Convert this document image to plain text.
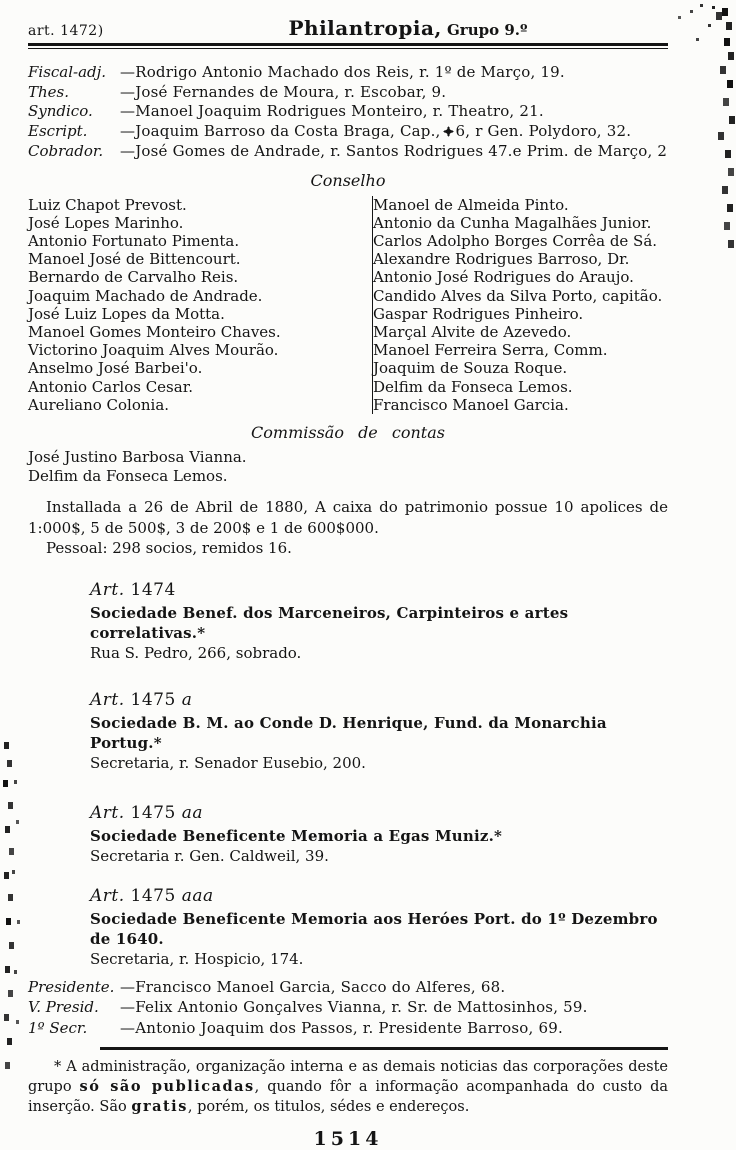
art. 1472)	Philantropia, Grupo 9.º
Fiscal-adj. —Rodrigo Antonio Machado dos Reis, r. 1º de Março, 19.
Thes.	—José Fernandes de Moura, r. Escobar, 9.
Syndico.	—Manoel Joaquim Rodrigues Monteiro, r. Theatro, 21.
Escript.	—Joaquim Barroso da Costa Braga, Cap., 6, r Gen. Polydoro, 32.
Cobrador.	—José Gomes de Andrade, r. Santos Rodrigues 47.e Prim. de Março, 2
Conselho
Luiz Chapot Prevost.
José Lopes Marinho.
Antonio Fortunato Pimenta.
Manoel José de Bittencourt.
Bernardo de Carvalho Reis.
Joaquim Machado de Andrade.
José Luiz Lopes da Motta.
Manoel Gomes Monteiro Chaves.
Victorino Joaquim Alves Mourão.
Anselmo José Barbei'o.
Antonio Carlos Cesar.
Aureliano Colonia.
Manoel de Almeida Pinto.
Antonio da Cunha Magalhães Junior.
Carlos Adolpho Borges Corrêa de Sá.
Alexandre Rodrigues Barroso, Dr.
Antonio José Rodrigues do Araujo.
Candido Alves da Silva Porto, capitão.
Gaspar Rodrigues Pinheiro.
Marçal Alvite de Azevedo.
Manoel Ferreira Serra, Comm.
Joaquim de Souza Roque.
Delfim da Fonseca Lemos.
Francisco Manoel Garcia.
Commissão de contas
José Justino Barbosa Vianna.
Delfim da Fonseca Lemos.
Installada a 26 de Abril de 1880, A caixa do patrimonio possue 10 apolices de 1:000$, 5 de 500$, 3 de 200$ e 1 de 600$000.
Pessoal: 298 socios, remidos 16.
Art. 1474
Sociedade Benef. dos Marceneiros, Carpinteiros e artes correlativas.*
Rua S. Pedro, 266, sobrado.
Art. 1475 a
Sociedade B. M. ao Conde D. Henrique, Fund. da Monarchia Portug.*
Secretaria, r. Senador Eusebio, 200.
Art. 1475 aa
Sociedade Beneficente Memoria a Egas Muniz.*
Secretaria r. Gen. Caldweil, 39.
Art. 1475 aaa
Sociedade Beneficente Memoria aos Heróes Port. do 1º Dezembro de 1640.
Secretaria, r. Hospicio, 174.
Presidente. —Francisco Manoel Garcia, Sacco do Alferes, 68.
V. Presid.	—Felix Antonio Gonçalves Vianna, r. Sr. de Mattosinhos, 59.
1º Secr.	—Antonio Joaquim dos Passos, r. Presidente Barroso, 69.
* A administração, organização interna e as demais noticias das corporações deste grupo só são publicadas, quando fôr a informação acompanhada do custo da inserção. São gratis, porém, os titulos, sédes e endereços.
1514
